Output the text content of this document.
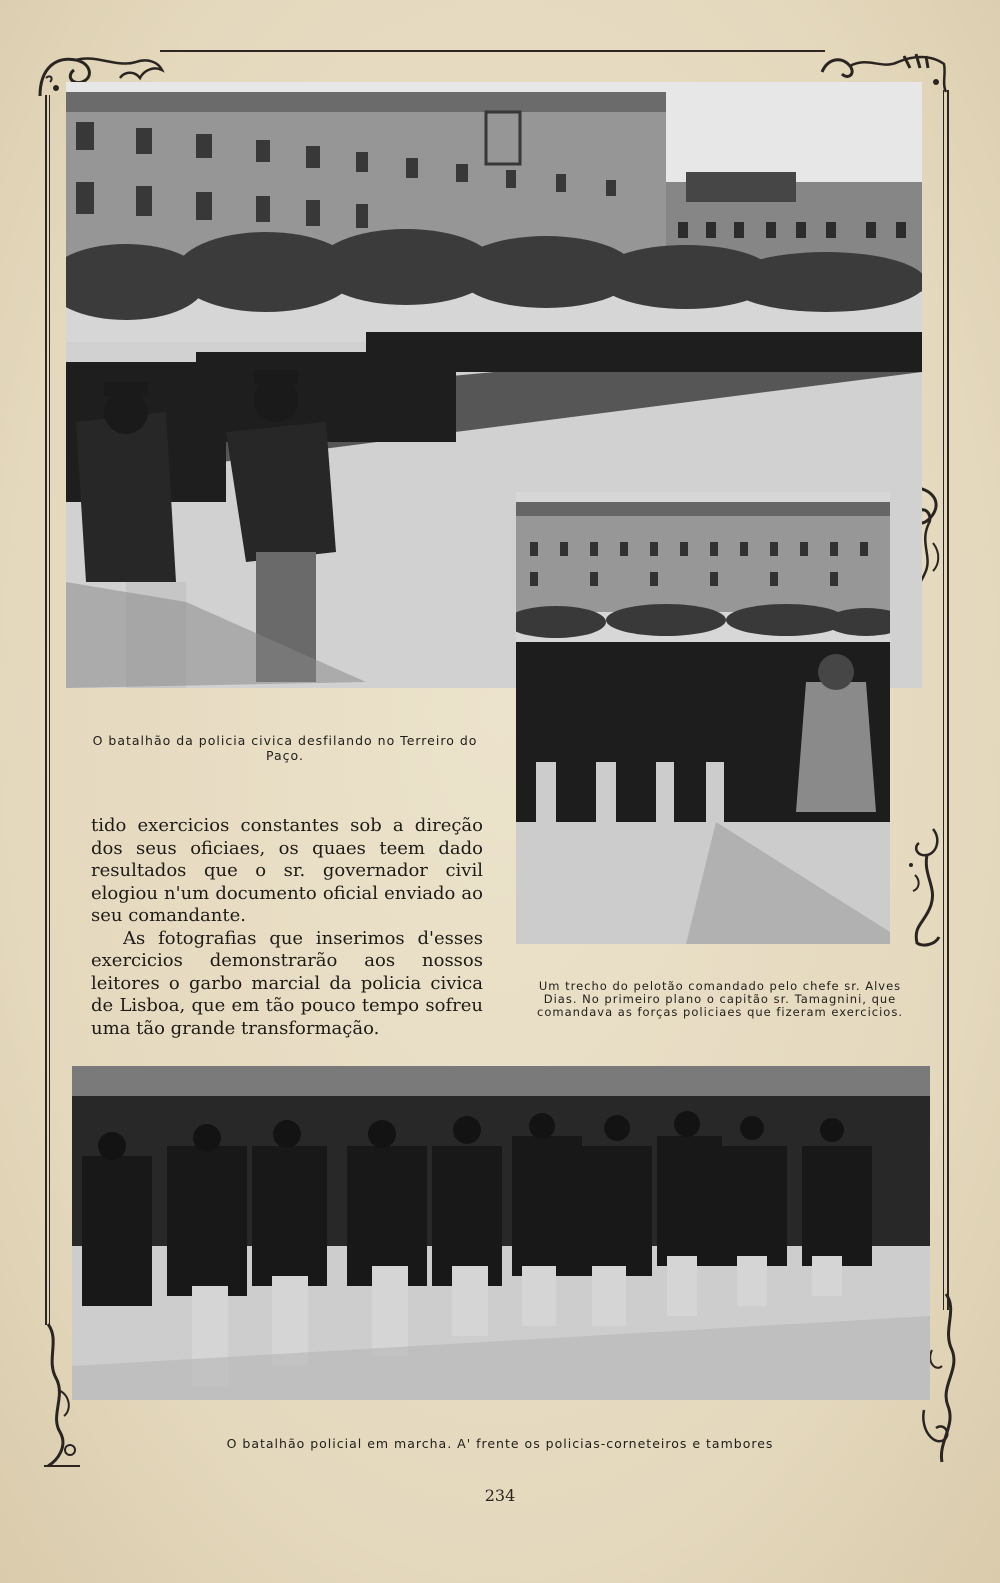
O batalhão da policia civica desfilando no Terreiro do Paço.

tido exercicios constantes sob a direção dos seus oficiaes, os quaes teem dado resultados que o sr. governador civil elogiou n'um documento oficial enviado ao seu comandante.

As fotografias que inserimos d'esses exercicios demonstrarão aos nossos leitores o garbo marcial da policia civica de Lisboa, que em tão pouco tempo sofreu uma tão grande transformação.

Um trecho do pelotão comandado pelo chefe sr. Alves Dias. No primeiro plano o capitão sr. Tamagnini, que comandava as forças policiaes que fizeram exercicios.
O batalhão policial em marcha. A' frente os policias-corneteiros e tambores
234
